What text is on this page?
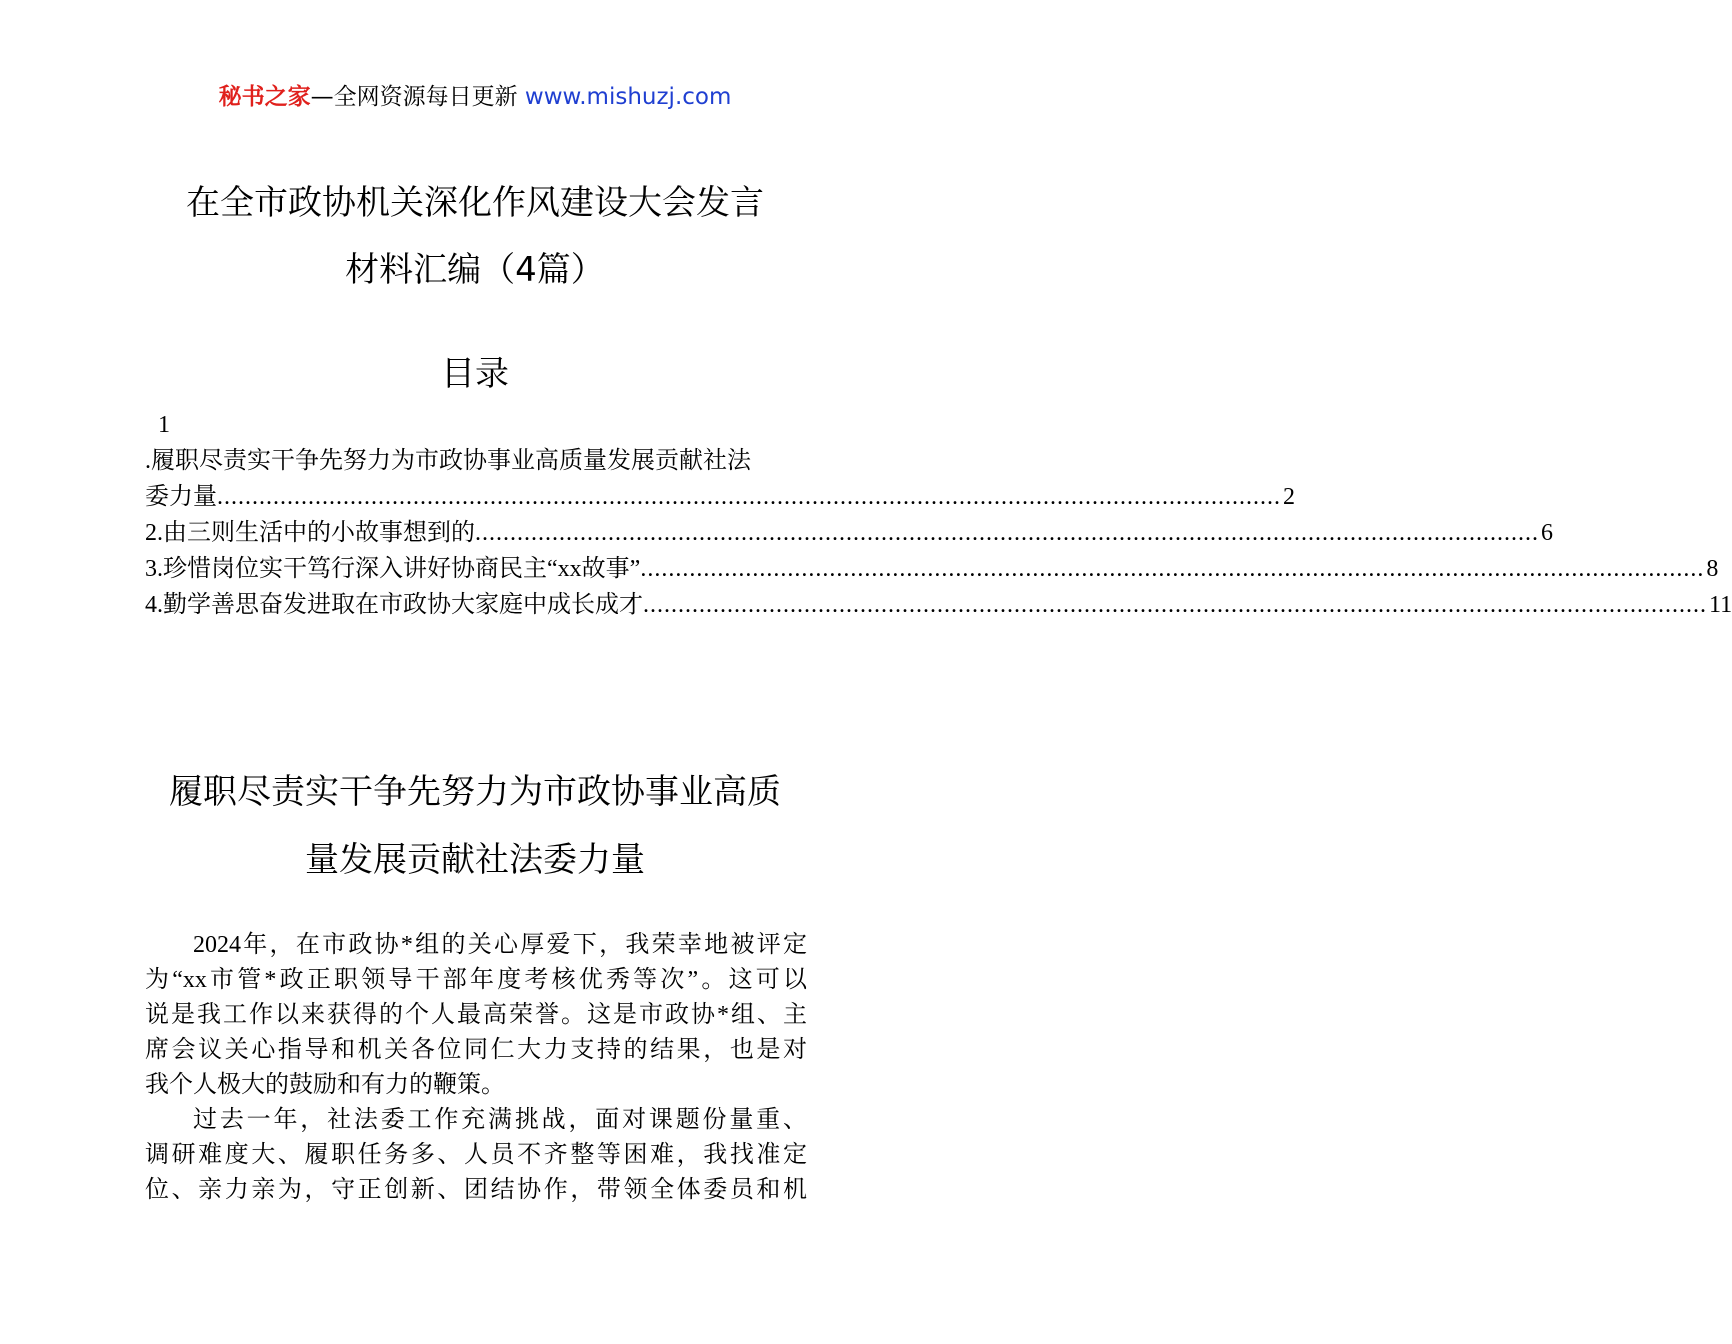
秘书之家—全网资源每日更新 www.mishuzj.com
在全市政协机关深化作风建设大会发言
材料汇编（4篇）
目录
1
.履职尽责实干争先努力为市政协事业高质量发展贡献社法
委力量 ........................................................................................................................................................ 2
2.由三则生活中的小故事想到的 ........................................................................................................................................................ 6
3.珍惜岗位实干笃行深入讲好协商民主“xx故事” ........................................................................................................................................................ 8
4.勤学善思奋发进取在市政协大家庭中成长成才 ........................................................................................................................................................ 11
履职尽责实干争先努力为市政协事业高质
量发展贡献社法委力量
2024年，在市政协*组的关心厚爱下，我荣幸地被评定
为“xx市管*政正职领导干部年度考核优秀等次”。这可以
说是我工作以来获得的个人最高荣誉。这是市政协*组、主
席会议关心指导和机关各位同仁大力支持的结果，也是对
我个人极大的鼓励和有力的鞭策。
过去一年，社法委工作充满挑战，面对课题份量重、
调研难度大、履职任务多、人员不齐整等困难，我找准定
位、亲力亲为，守正创新、团结协作，带领全体委员和机
